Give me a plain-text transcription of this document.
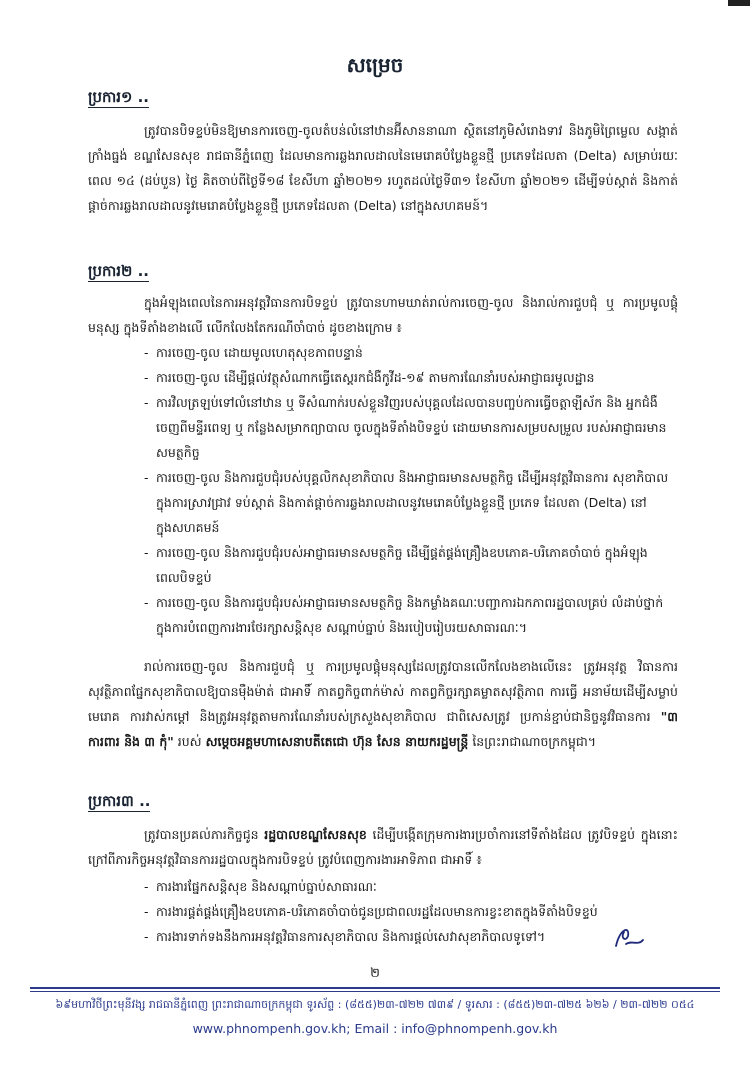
សម្រេច
ប្រការ១ ..
ត្រូវបានបិទខ្ទប់មិនឱ្យមានការចេញ-ចូលតំបន់លំនៅឋានអ៊ីសាននាណា ស្ថិតនៅភូមិសំរោងទាវ និងភូមិព្រៃម្លេល សង្កាត់ក្រាំងធ្នង់ ខណ្ឌសែនសុខ រាជធានីភ្នំពេញ ដែលមានការឆ្លងរាលដាលនៃមេរោគបំប្លែងខ្លួនថ្មី ប្រភេទដែលតា (Delta) សម្រាប់រយៈពេល ១៤ (ដប់បួន) ថ្ងៃ គិតចាប់ពីថ្ងៃទី១៨ ខែសីហា ឆ្នាំ២០២១ រហូតដល់ថ្ងៃទី៣១ ខែសីហា ឆ្នាំ២០២១ ដើម្បីទប់ស្កាត់ និងកាត់ផ្ដាច់ការឆ្លងរាលដាលនូវមេរោគបំប្លែងខ្លួនថ្មី ប្រភេទដែលតា (Delta) នៅក្នុងសហគមន៍។
ប្រការ២ ..
ក្នុងអំឡុងពេលនៃការអនុវត្តវិធានការបិទខ្ទប់ ត្រូវបានហាមឃាត់រាល់ការចេញ-ចូល និងរាល់ការជួបជុំ ឬ ការប្រមូលផ្ដុំមនុស្ស ក្នុងទីតាំងខាងលើ លើកលែងតែករណីចាំបាច់ ដូចខាងក្រោម ៖
- ការចេញ-ចូល ដោយមូលហេតុសុខភាពបន្ទាន់
- ការចេញ-ចូល ដើម្បីផ្ដល់វត្ថុសំណាកធ្វើតេស្ដរកជំងឺកូវីដ-១៩ តាមការណែនាំរបស់អាជ្ញាធរមូលដ្ឋាន
- ការវិលត្រឡប់ទៅលំនៅឋាន ឬ ទីសំណាក់របស់ខ្លួនវិញរបស់បុគ្គលដែលបានបញ្ចប់ការធ្វើចត្តាឡីស័ក និង អ្នកជំងឺចេញពីមន្ទីរពេទ្យ ឬ កន្លែងសម្រាកព្យាបាល ចូលក្នុងទីតាំងបិទខ្ទប់ ដោយមានការសម្របសម្រួល របស់អាជ្ញាធរមានសមត្ថកិច្ច
- ការចេញ-ចូល និងការជួបជុំរបស់បុគ្គលិកសុខាភិបាល និងអាជ្ញាធរមានសមត្ថកិច្ច ដើម្បីអនុវត្តវិធានការ សុខាភិបាល ក្នុងការស្រាវជ្រាវ ទប់ស្កាត់ និងកាត់ផ្ដាច់ការឆ្លងរាលដាលនូវមេរោគបំប្លែងខ្លួនថ្មី ប្រភេទ ដែលតា (Delta) នៅក្នុងសហគមន៍
- ការចេញ-ចូល និងការជួបជុំរបស់អាជ្ញាធរមានសមត្ថកិច្ច ដើម្បីផ្គត់ផ្គង់គ្រឿងឧបភោគ-បរិភោគចាំបាច់ ក្នុងអំឡុងពេលបិទខ្ទប់
- ការចេញ-ចូល និងការជួបជុំរបស់អាជ្ញាធរមានសមត្ថកិច្ច និងកម្លាំងគណៈបញ្ជាការឯកភាពរដ្ឋបាលគ្រប់ លំដាប់ថ្នាក់ ក្នុងការបំពេញការងារថែរក្សាសន្តិសុខ សណ្ដាប់ធ្នាប់ និងរបៀបរៀបរយសាធារណៈ។
រាល់ការចេញ-ចូល និងការជួបជុំ ឬ ការប្រមូលផ្ដុំមនុស្សដែលត្រូវបានលើកលែងខាងលើនេះ ត្រូវអនុវត្ត វិធានការសុវត្ថិភាពផ្នែកសុខាភិបាលឱ្យបានម៉ឺងម៉ាត់ ជាអាទិ៍ កាតព្វកិច្ចពាក់ម៉ាស់ កាតព្វកិច្ចរក្សាគម្លាតសុវត្ថិភាព ការធ្វើ អនាម័យដើម្បីសម្លាប់មេរោគ ការវាស់កម្ដៅ និងត្រូវអនុវត្តតាមការណែនាំរបស់ក្រសួងសុខាភិបាល ជាពិសេសត្រូវ ប្រកាន់ខ្ជាប់ជានិច្ចនូវវិធានការ "៣ ការពារ និង ៣ កុំ" របស់ សម្ដេចអគ្គមហាសេនាបតីតេជោ ហ៊ុន សែន នាយករដ្ឋមន្ត្រី នៃព្រះរាជាណាចក្រកម្ពុជា។
ប្រការ៣ ..
ត្រូវបានប្រគល់ភារកិច្ចជូន រដ្ឋបាលខណ្ឌសែនសុខ ដើម្បីបង្កើតក្រុមការងារប្រចាំការនៅទីតាំងដែល ត្រូវបិទខ្ទប់ ក្នុងនោះ ក្រៅពីភារកិច្ចអនុវត្តវិធានការរដ្ឋបាលក្នុងការបិទខ្ទប់ ត្រូវបំពេញការងារអាទិភាព ជាអាទិ៍ ៖
- ការងារផ្នែកសន្តិសុខ និងសណ្ដាប់ធ្នាប់សាធារណៈ
- ការងារផ្គត់ផ្គង់គ្រឿងឧបភោគ-បរិភោគចាំបាច់ជូនប្រជាពលរដ្ឋដែលមានការខ្វះខាតក្នុងទីតាំងបិទខ្ទប់
- ការងារទាក់ទងនឹងការអនុវត្តវិធានការសុខាភិបាល និងការផ្ដល់សេវាសុខាភិបាលទូទៅ។
២
៦៩មហាវិថីព្រះមុនីវង្ស រាជធានីភ្នំពេញ ព្រះរាជាណាចក្រកម្ពុជា ទូរស័ព្ទ : (៨៥៥)២៣-៧២២ ៧៣៩ / ទូរសារ : (៨៥៥)២៣-៧២៥ ៦២៦ / ២៣-៧២២ ០៥៤
www.phnompenh.gov.kh; Email : info@phnompenh.gov.kh
